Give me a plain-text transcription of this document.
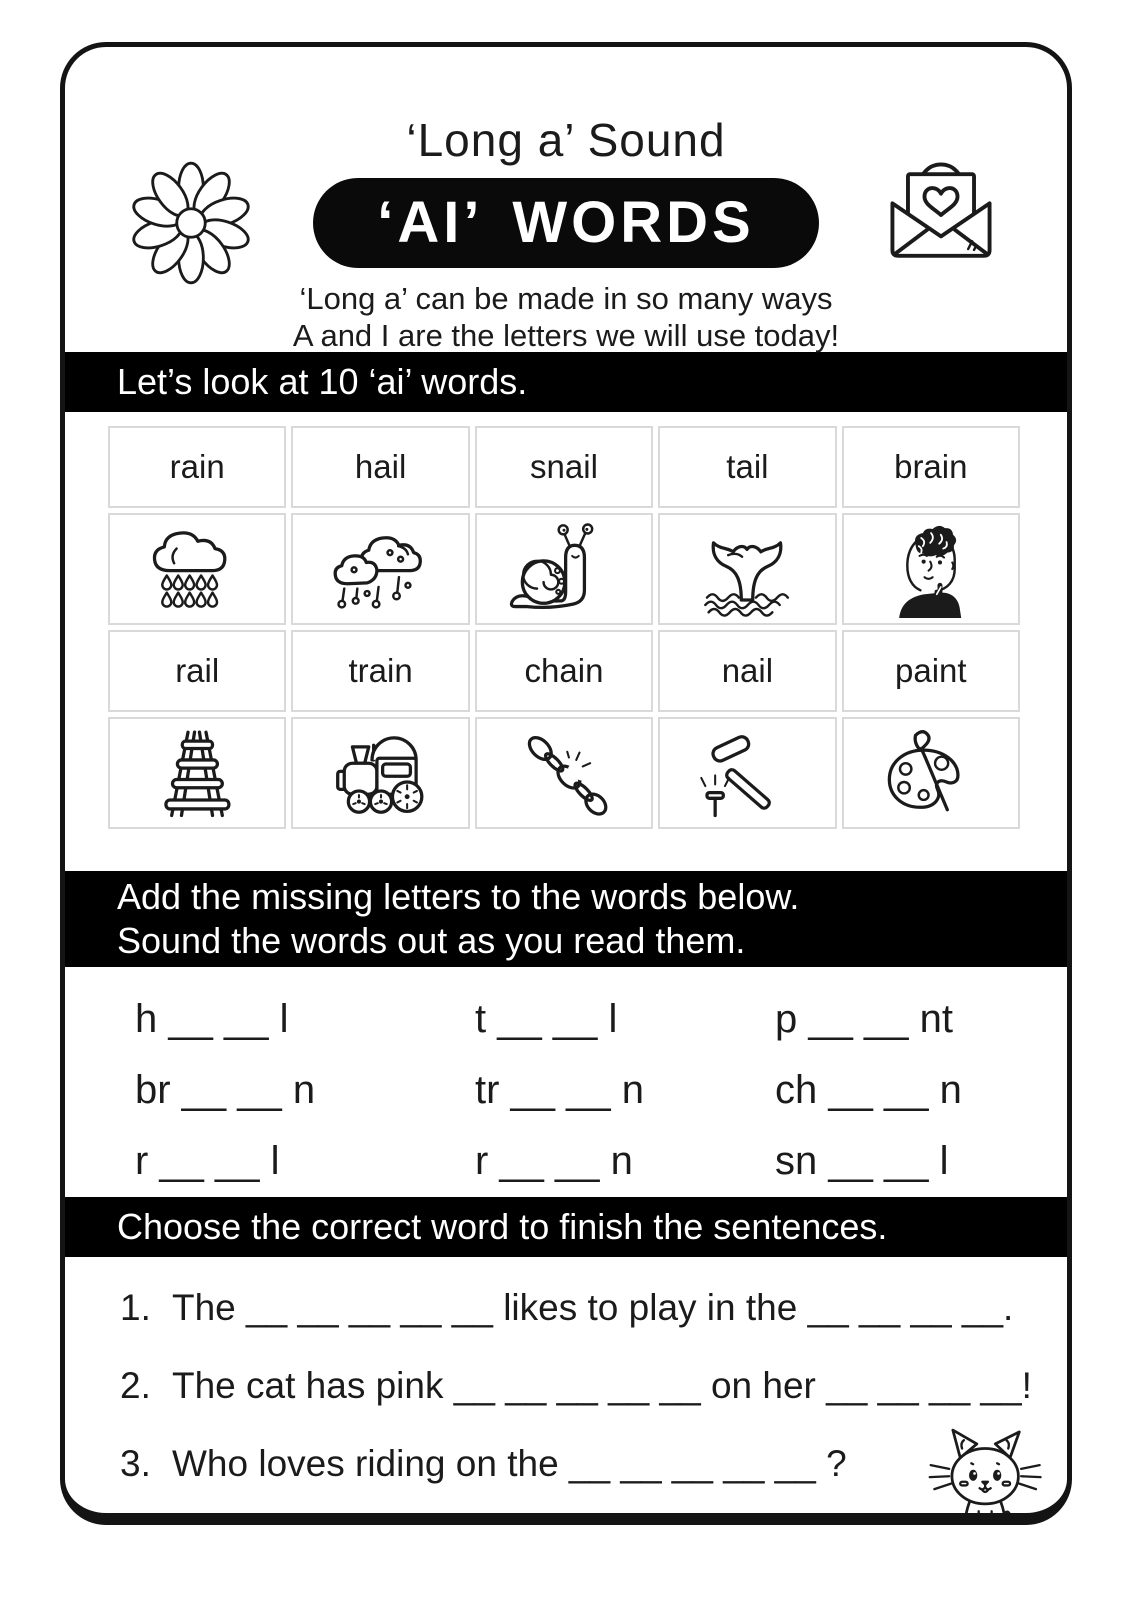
‘Long a’ Sound
‘AI’ WORDS
‘Long a’ can be made in so many ways
A and I are the letters we will use today!
Let’s look at 10 ‘ai’ words.
rain	hail	snail	tail	brain
rail	train	chain	nail	paint
Add the missing letters to the words below.
Sound the words out as you read them.
h __ __ l	t __ __ l	p __ __ nt
br __ __ n	tr __ __ n	ch __ __ n
r __ __ l	r __ __ n	sn __ __ l
Choose the correct word to finish the sentences.
1. The __ __ __ __ __ likes to play in the __ __ __ __.
2. The cat has pink __ __ __ __ __ on her __ __ __ __!
3. Who loves riding on the __ __ __ __ __ ?
